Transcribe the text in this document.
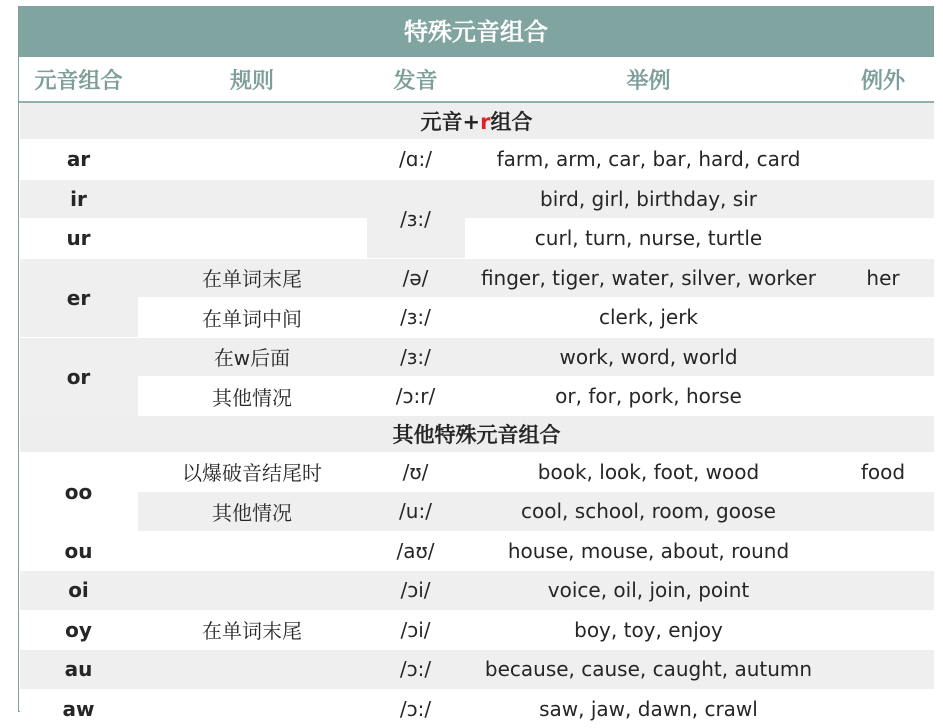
特殊元音组合
元音组合	规则	发音	举例	例外
元音+r组合				
ar		/ɑ:/	farm, arm, car, bar, hard, card	
ir		/ɜ:/	bird, girl, birthday, sir	
ur			curl, turn, nurse, turtle	
er	在单词末尾	/ə/	finger, tiger, water, silver, worker	her
	在单词中间	/ɜ:/	clerk, jerk	
or	在w后面	/ɜ:/	work, word, world	
	其他情况	/ɔ:r/	or, for, pork, horse	
其他特殊元音组合				
oo	以爆破音结尾时	/ʊ/	book, look, foot, wood	food
	其他情况	/u:/	cool, school, room, goose	
ou		/aʊ/	house, mouse, about, round	
oi		/ɔi/	voice, oil, join, point	
oy	在单词末尾	/ɔi/	boy, toy, enjoy	
au		/ɔ:/	because, cause, caught, autumn	
aw		/ɔ:/	saw, jaw, dawn, crawl	
